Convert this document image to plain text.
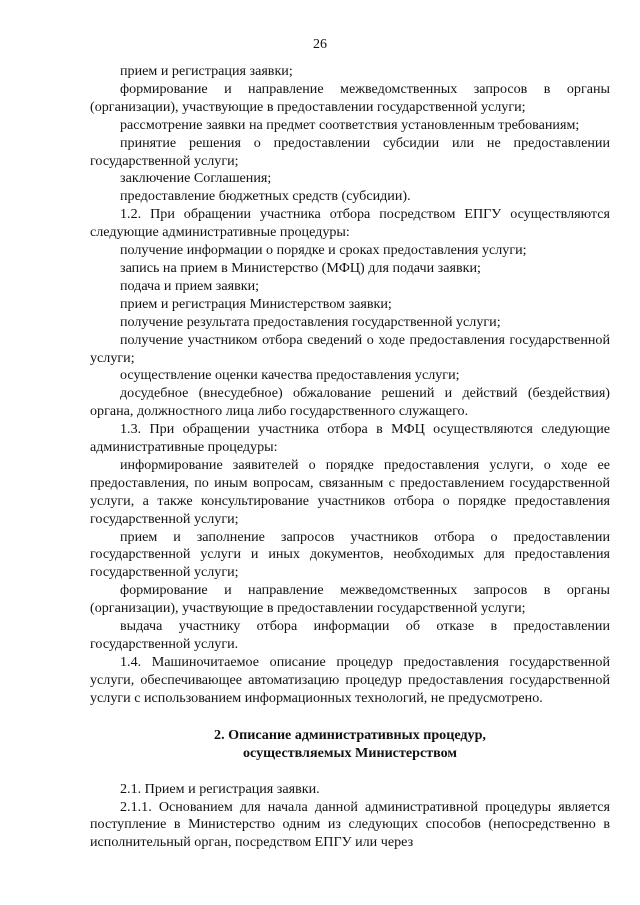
26

прием и регистрация заявки;

формирование и направление межведомственных запросов в органы (организации), участвующие в предоставлении государственной услуги;

рассмотрение заявки на предмет соответствия установленным требованиям;

принятие решения о предоставлении субсидии или не предоставлении государственной услуги;

заключение Соглашения;

предоставление бюджетных средств (субсидии).

1.2. При обращении участника отбора посредством ЕПГУ осуществляются следующие административные процедуры:

получение информации о порядке и сроках предоставления услуги;

запись на прием в Министерство (МФЦ) для подачи заявки;

подача и прием заявки;

прием и регистрация Министерством заявки;

получение результата предоставления государственной услуги;

получение участником отбора сведений о ходе предоставления государственной услуги;

осуществление оценки качества предоставления услуги;

досудебное (внесудебное) обжалование решений и действий (бездействия) органа, должностного лица либо государственного служащего.

1.3. При обращении участника отбора в МФЦ осуществляются следующие административные процедуры:

информирование заявителей о порядке предоставления услуги, о ходе ее предоставления, по иным вопросам, связанным с предоставлением государственной услуги, а также консультирование участников отбора о порядке предоставления государственной услуги;

прием и заполнение запросов участников отбора о предоставлении государственной услуги и иных документов, необходимых для предоставления государственной услуги;

формирование и направление межведомственных запросов в органы (организации), участвующие в предоставлении государственной услуги;

выдача участнику отбора информации об отказе в предоставлении государственной услуги.

1.4. Машиночитаемое описание процедур предоставления государственной услуги, обеспечивающее автоматизацию процедур предоставления государственной услуги с использованием информационных технологий, не предусмотрено.

2. Описание административных процедур,
осуществляемых Министерством

2.1. Прием и регистрация заявки.

2.1.1. Основанием для начала данной административной процедуры является поступление в Министерство одним из следующих способов (непосредственно в исполнительный орган, посредством ЕПГУ или через
